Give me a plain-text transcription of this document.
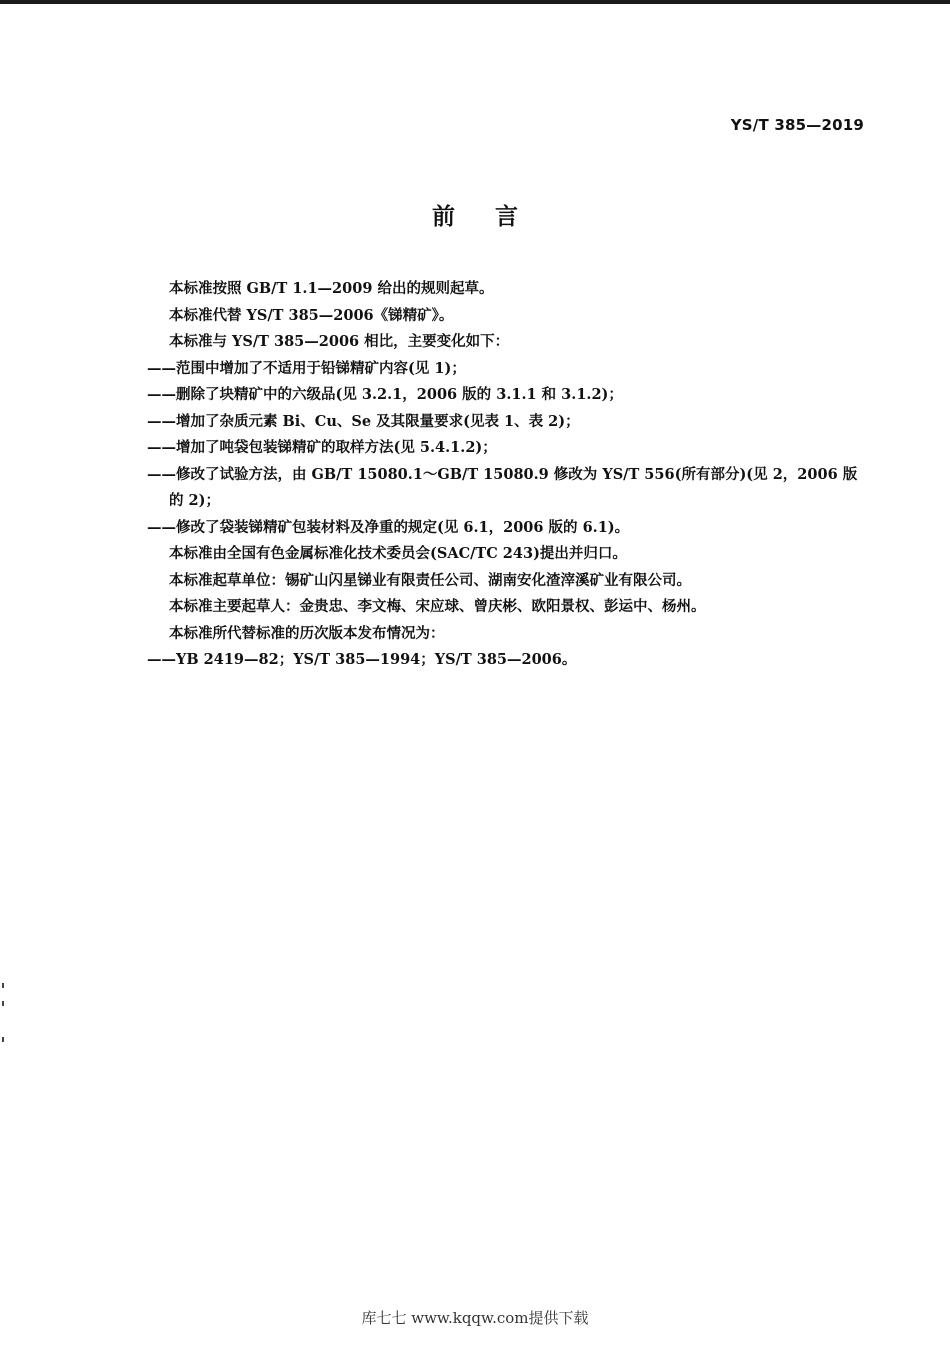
YS/T 385—2019
前言
本标准按照 GB/T 1.1—2009 给出的规则起草。
本标准代替 YS/T 385—2006《锑精矿》。
本标准与 YS/T 385—2006 相比，主要变化如下：
——范围中增加了不适用于铅锑精矿内容(见 1)；
——删除了块精矿中的六级品(见 3.2.1，2006 版的 3.1.1 和 3.1.2)；
——增加了杂质元素 Bi、Cu、Se 及其限量要求(见表 1、表 2)；
——增加了吨袋包装锑精矿的取样方法(见 5.4.1.2)；
——修改了试验方法，由 GB/T 15080.1～GB/T 15080.9 修改为 YS/T 556(所有部分)(见 2，2006 版的 2)；
——修改了袋装锑精矿包装材料及净重的规定(见 6.1，2006 版的 6.1)。
本标准由全国有色金属标准化技术委员会(SAC/TC 243)提出并归口。
本标准起草单位：锡矿山闪星锑业有限责任公司、湖南安化渣滓溪矿业有限公司。
本标准主要起草人：金贵忠、李文梅、宋应球、曾庆彬、欧阳景权、彭运中、杨州。
本标准所代替标准的历次版本发布情况为：
——YB 2419—82；YS/T 385—1994；YS/T 385—2006。
库七七 www.kqqw.com提供下载
